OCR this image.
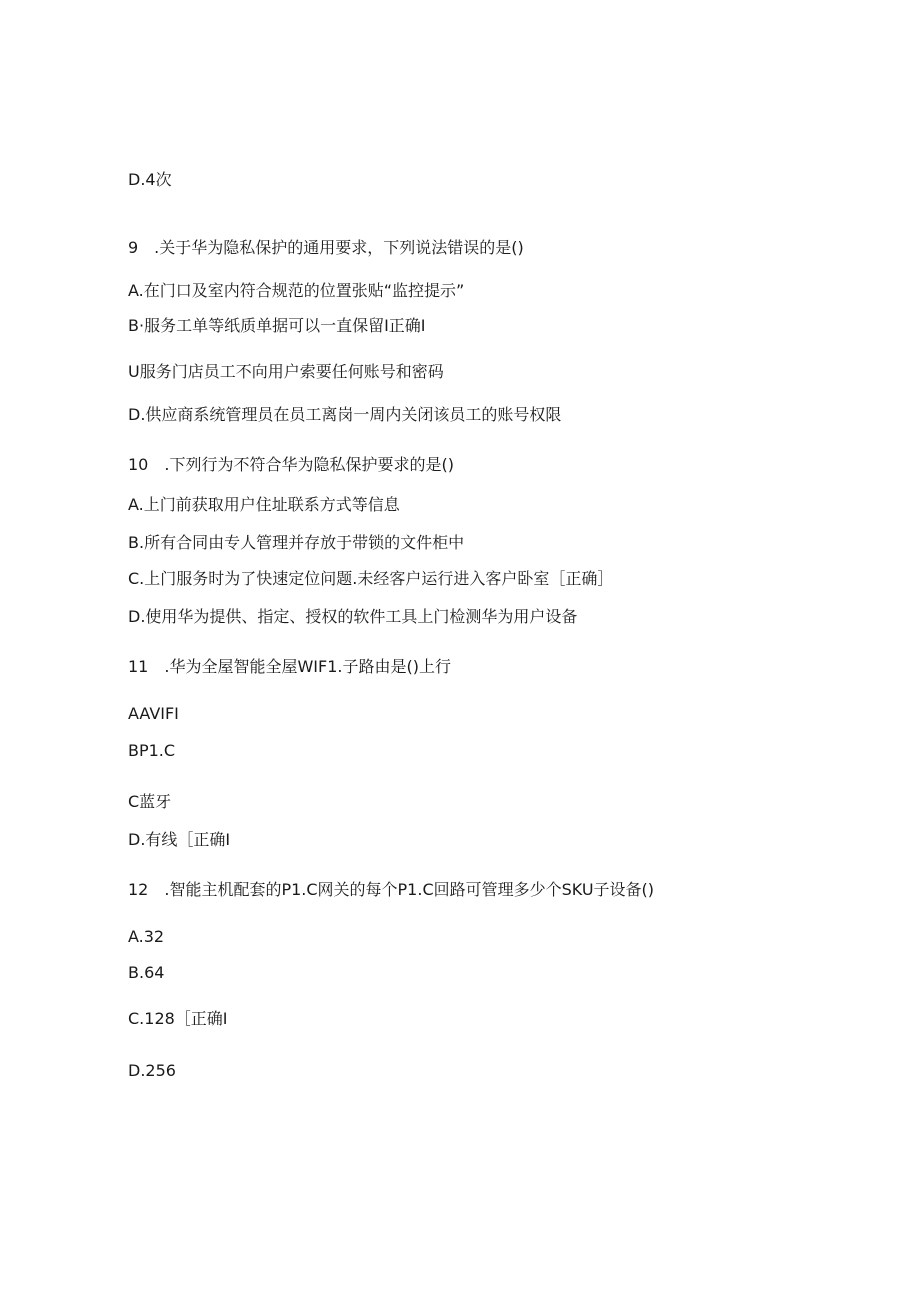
D.4次
9　.关于华为隐私保护的通用要求，下列说法错误的是()
A.在门口及室内符合规范的位置张贴“监控提示”
B·服务工单等纸质单据可以一直保留I正确I
U服务门店员工不向用户索要任何账号和密码
D.供应商系统管理员在员工离岗一周内关闭该员工的账号权限
10　.下列行为不符合华为隐私保护要求的是()
A.上门前获取用户住址联系方式等信息
B.所有合同由专人管理并存放于带锁的文件柜中
C.上门服务时为了快速定位问题.未经客户运行进入客户卧室［正确］
D.使用华为提供、指定、授权的软件工具上门检测华为用户设备
11　.华为全屋智能全屋WIF1.子路由是()上行
AAVIFI
BP1.C
C蓝牙
D.有线［正确I
12　.智能主机配套的P1.C网关的每个P1.C回路可管理多少个SKU子设备()
A.32
B.64
C.128［正确I
D.256
